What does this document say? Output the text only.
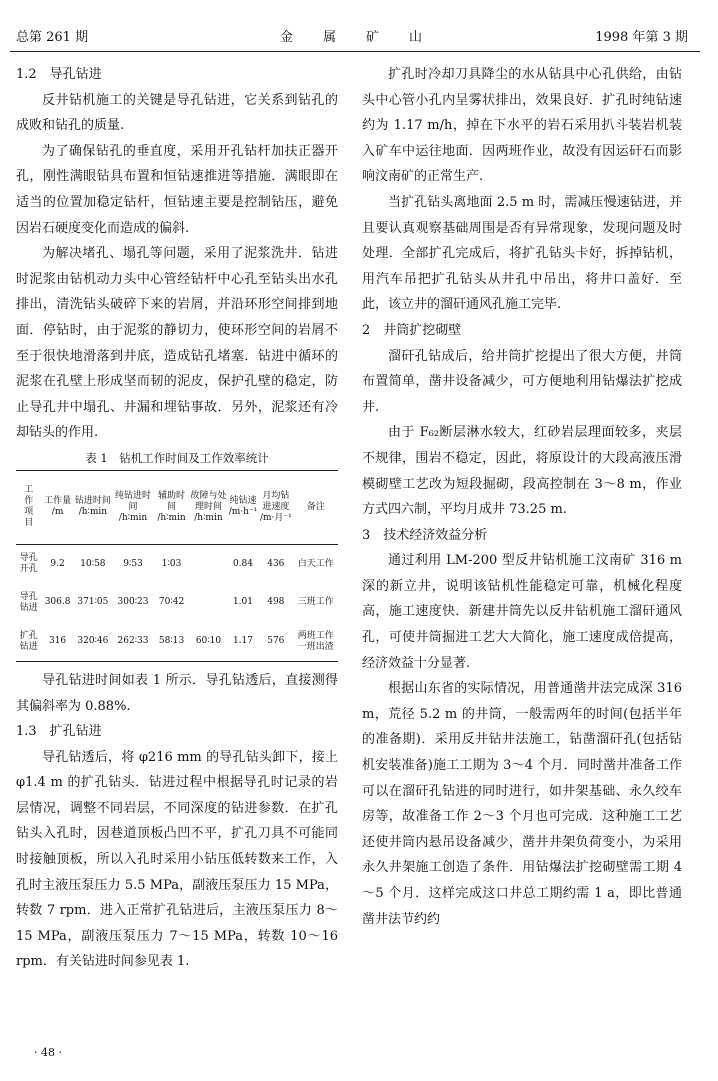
总第 261 期	金属矿山	1998 年第 3 期
1.2　导孔钻进
反井钻机施工的关键是导孔钻进，它关系到钻孔的成败和钻孔的质量.
为了确保钻孔的垂直度，采用开孔钻杆加扶正器开孔，刚性满眼钻具布置和恒钻速推进等措施．满眼即在适当的位置加稳定钻杆，恒钻速主要是控制钻压，避免因岩石硬度变化而造成的偏斜.
为解决堵孔、塌孔等问题，采用了泥浆洗井．钻进时泥浆由钻机动力头中心管经钻杆中心孔至钻头出水孔排出，清洗钻头破碎下来的岩屑，并沿环形空间排到地面．停钻时，由于泥浆的静切力，使环形空间的岩屑不至于很快地滑落到井底，造成钻孔堵塞．钻进中循环的泥浆在孔壁上形成坚而韧的泥皮，保护孔壁的稳定，防止导孔井中塌孔、井漏和埋钻事故．另外，泥浆还有冷却钻头的作用.
表 1　钻机工作时间及工作效率统计
工作项目	工作量 /m	钻进时间 /h∶min	纯钻进时间 /h∶min	辅助时间 /h∶min	故障与处理时间 /h∶min	纯钻速 /m·h⁻¹	月均钻进速度 /m·月⁻¹	备注
导孔开孔	9.2	10∶58	9∶53	1∶03		0.84	436	白天工作
导孔钻进	306.8	371∶05	300∶23	70∶42		1.01	498	三班工作
扩孔钻进	316	320∶46	262∶33	58∶13	60∶10	1.17	576	两班工作一班出渣
导孔钻进时间如表 1 所示．导孔钻透后，直接测得其偏斜率为 0.88%.
1.3　扩孔钻进
导孔钻透后，将 φ216 mm 的导孔钻头卸下，接上 φ1.4 m 的扩孔钻头．钻进过程中根据导孔时记录的岩层情况，调整不同岩层，不同深度的钻进参数．在扩孔钻头入孔时，因巷道顶板凸凹不平，扩孔刀具不可能同时接触顶板，所以入孔时采用小钻压低转数来工作，入孔时主液压泵压力 5.5 MPa，副液压泵压力 15 MPa，转数 7 rpm．进入正常扩孔钻进后，主液压泵压力 8～15 MPa，副液压泵压力 7～15 MPa，转数 10～16 rpm．有关钻进时间参见表 1.
扩孔时冷却刀具降尘的水从钻具中心孔供给，由钻头中心管小孔内呈雾状排出，效果良好．扩孔时纯钻速约为 1.17 m/h，掉在下水平的岩石采用扒斗装岩机装入矿车中运往地面．因两班作业，故没有因运矸石而影响汶南矿的正常生产.
当扩孔钻头离地面 2.5 m 时，需减压慢速钻进，并且要认真观察基础周围是否有异常现象，发现问题及时处理．全部扩孔完成后，将扩孔钻头卡好，拆掉钻机，用汽车吊把扩孔钻头从井孔中吊出，将井口盖好．至此，该立井的溜矸通风孔施工完毕.
2　井筒扩挖砌壁
溜矸孔钻成后，给井筒扩挖提出了很大方便，井筒布置简单，凿井设备减少，可方便地利用钻爆法扩挖成井.
由于 F₆₂断层淋水较大，红砂岩层理面较多，夹层不规律，围岩不稳定，因此，将原设计的大段高液压滑模砌壁工艺改为短段掘砌，段高控制在 3～8 m，作业方式四六制，平均月成井 73.25 m.
3　技术经济效益分析
通过利用 LM-200 型反井钻机施工汶南矿 316 m 深的新立井，说明该钻机性能稳定可靠，机械化程度高，施工速度快．新建井筒先以反井钻机施工溜矸通风孔，可使井筒掘进工艺大大简化，施工速度成倍提高，经济效益十分显著.
根据山东省的实际情况，用普通凿井法完成深 316 m，荒径 5.2 m 的井筒，一般需两年的时间(包括半年的准备期)．采用反井钻井法施工，钻凿溜矸孔(包括钻机安装准备)施工工期为 3～4 个月．同时凿井准备工作可以在溜矸孔钻进的同时进行，如井架基础、永久绞车房等，故准备工作 2～3 个月也可完成．这种施工工艺还使井筒内悬吊设备减少，凿井井架负荷变小，为采用永久井架施工创造了条件．用钻爆法扩挖砌壁需工期 4～5 个月．这样完成这口井总工期约需 1 a，即比普通凿井法节约约
· 48 ·
